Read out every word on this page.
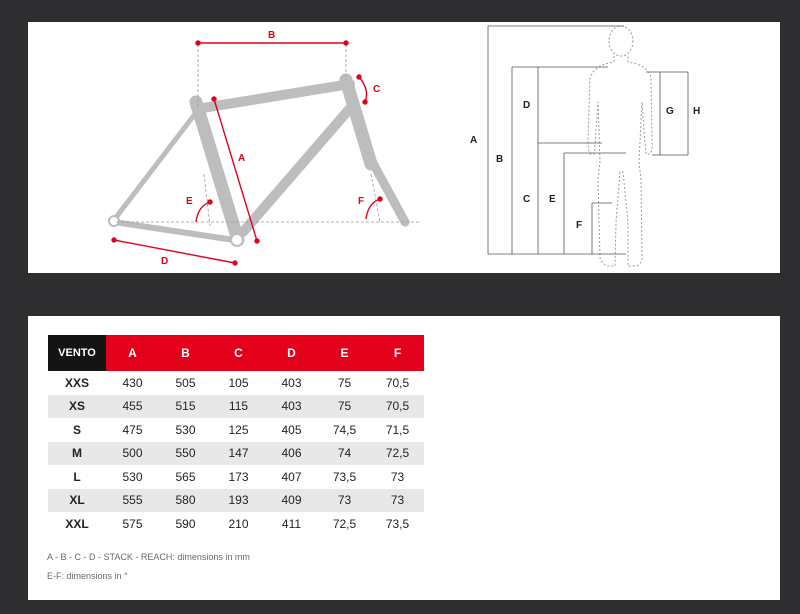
B
C
A
E	F
D
A
B
D
C E
F
G H
VENTO	A	B	C	D	E	F
XXS	430	505	105	403	75	70,5
XS	455	515	115	403	75	70,5
S	475	530	125	405	74,5	71,5
M	500	550	147	406	74	72,5
L	530	565	173	407	73,5	73
XL	555	580	193	409	73	73
XXL	575	590	210	411	72,5	73,5
A - B - C - D - STACK - REACH: dimensions in mm
E-F: dimensions in °
